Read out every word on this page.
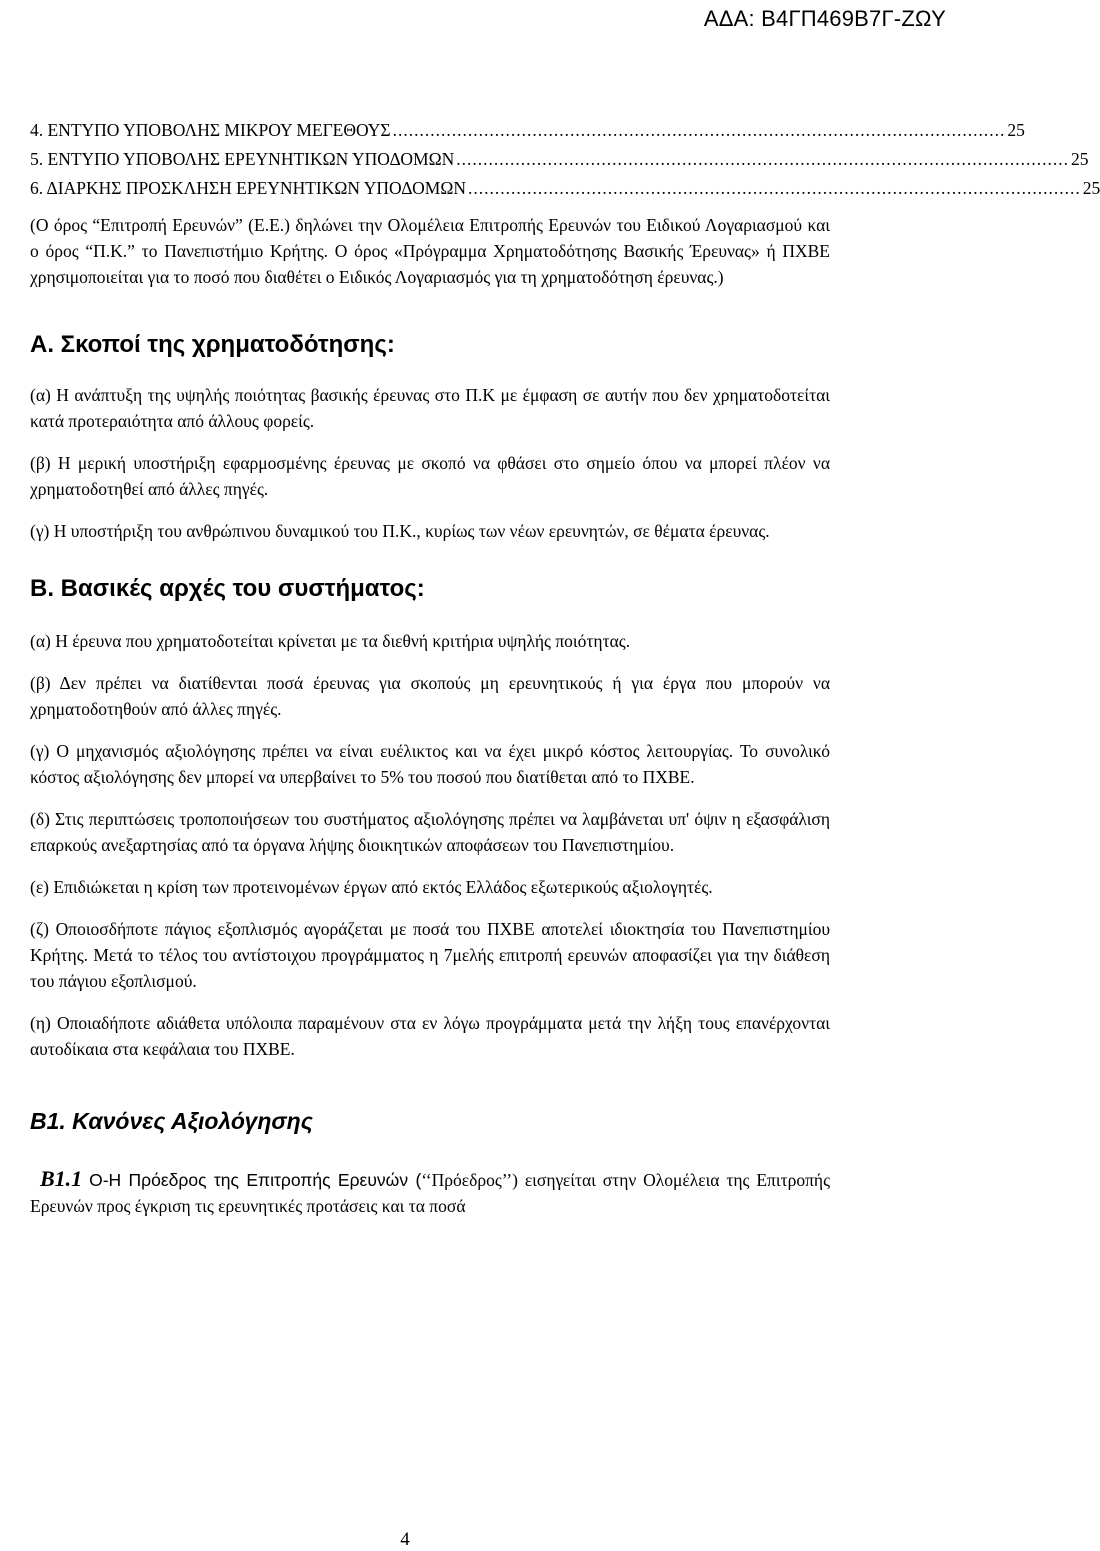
ΑΔΑ: Β4ΓΠ469Β7Γ-ΖΩΥ
4. ΕΝΤΥΠΟ ΥΠΟΒΟΛΗΣ ΜΙΚΡΟΥ ΜΕΓΕΘΟΥΣ .................................................................................................................. 25
5. ΕΝΤΥΠΟ ΥΠΟΒΟΛΗΣ ΕΡΕΥΝΗΤΙΚΩΝ ΥΠΟΔΟΜΩΝ .................................................................................................................. 25
6. ΔΙΑΡΚΗΣ ΠΡΟΣΚΛΗΣΗ ΕΡΕΥΝΗΤΙΚΩΝ ΥΠΟΔΟΜΩΝ .................................................................................................................. 25

(Ο όρος “Επιτροπή Ερευνών” (Ε.Ε.) δηλώνει την Ολομέλεια Επιτροπής Ερευνών του Ειδικού Λογαριασμού και ο όρος “Π.Κ.” το Πανεπιστήμιο Κρήτης. Ο όρος «Πρόγραμμα Χρηματοδότησης Βασικής Έρευνας» ή ΠΧΒΕ χρησιμοποιείται για το ποσό που διαθέτει ο Ειδικός Λογαριασμός για τη χρηματοδότηση έρευνας.)

Α. Σκοποί της χρηματοδότησης:

(α) Η ανάπτυξη της υψηλής ποιότητας βασικής έρευνας στο Π.Κ με έμφαση σε αυτήν που δεν χρηματοδοτείται κατά προτεραιότητα από άλλους φορείς.

(β) Η μερική υποστήριξη εφαρμοσμένης έρευνας με σκοπό να φθάσει στο σημείο όπου να μπορεί πλέον να χρηματοδοτηθεί από άλλες πηγές.

(γ) Η υποστήριξη του ανθρώπινου δυναμικού του Π.Κ., κυρίως των νέων ερευνητών, σε θέματα έρευνας.

Β. Βασικές αρχές του συστήματος:

(α) Η έρευνα που χρηματοδοτείται κρίνεται με τα διεθνή κριτήρια υψηλής ποιότητας.

(β) Δεν πρέπει να διατίθενται ποσά έρευνας για σκοπούς μη ερευνητικούς ή για έργα που μπορούν να χρηματοδοτηθούν από άλλες πηγές.

(γ) Ο μηχανισμός αξιολόγησης πρέπει να είναι ευέλικτος και να έχει μικρό κόστος λειτουργίας. Το συνολικό κόστος αξιολόγησης δεν μπορεί να υπερβαίνει το 5% του ποσού που διατίθεται από το ΠΧΒΕ.

(δ) Στις περιπτώσεις τροποποιήσεων του συστήματος αξιολόγησης πρέπει να λαμβάνεται υπ' όψιν η εξασφάλιση επαρκούς ανεξαρτησίας από τα όργανα λήψης διοικητικών αποφάσεων του Πανεπιστημίου.

(ε) Επιδιώκεται η κρίση των προτεινομένων έργων από εκτός Ελλάδος εξωτερικούς αξιολογητές.

(ζ) Οποιοσδήποτε πάγιος εξοπλισμός αγοράζεται με ποσά του ΠΧΒΕ αποτελεί ιδιοκτησία του Πανεπιστημίου Κρήτης. Μετά το τέλος του αντίστοιχου προγράμματος η 7μελής επιτροπή ερευνών αποφασίζει για την διάθεση του πάγιου εξοπλισμού.

(η) Οποιαδήποτε αδιάθετα υπόλοιπα παραμένουν στα εν λόγω προγράμματα μετά την λήξη τους επανέρχονται αυτοδίκαια στα κεφάλαια του ΠΧΒΕ.

Β1. Κανόνες Αξιολόγησης

Β1.1 Ο-Η Πρόεδρος της Επιτροπής Ερευνών (‘‘Πρόεδρος’’) εισηγείται στην Ολομέλεια της Επιτροπής Ερευνών προς έγκριση τις ερευνητικές προτάσεις και τα ποσά

4
